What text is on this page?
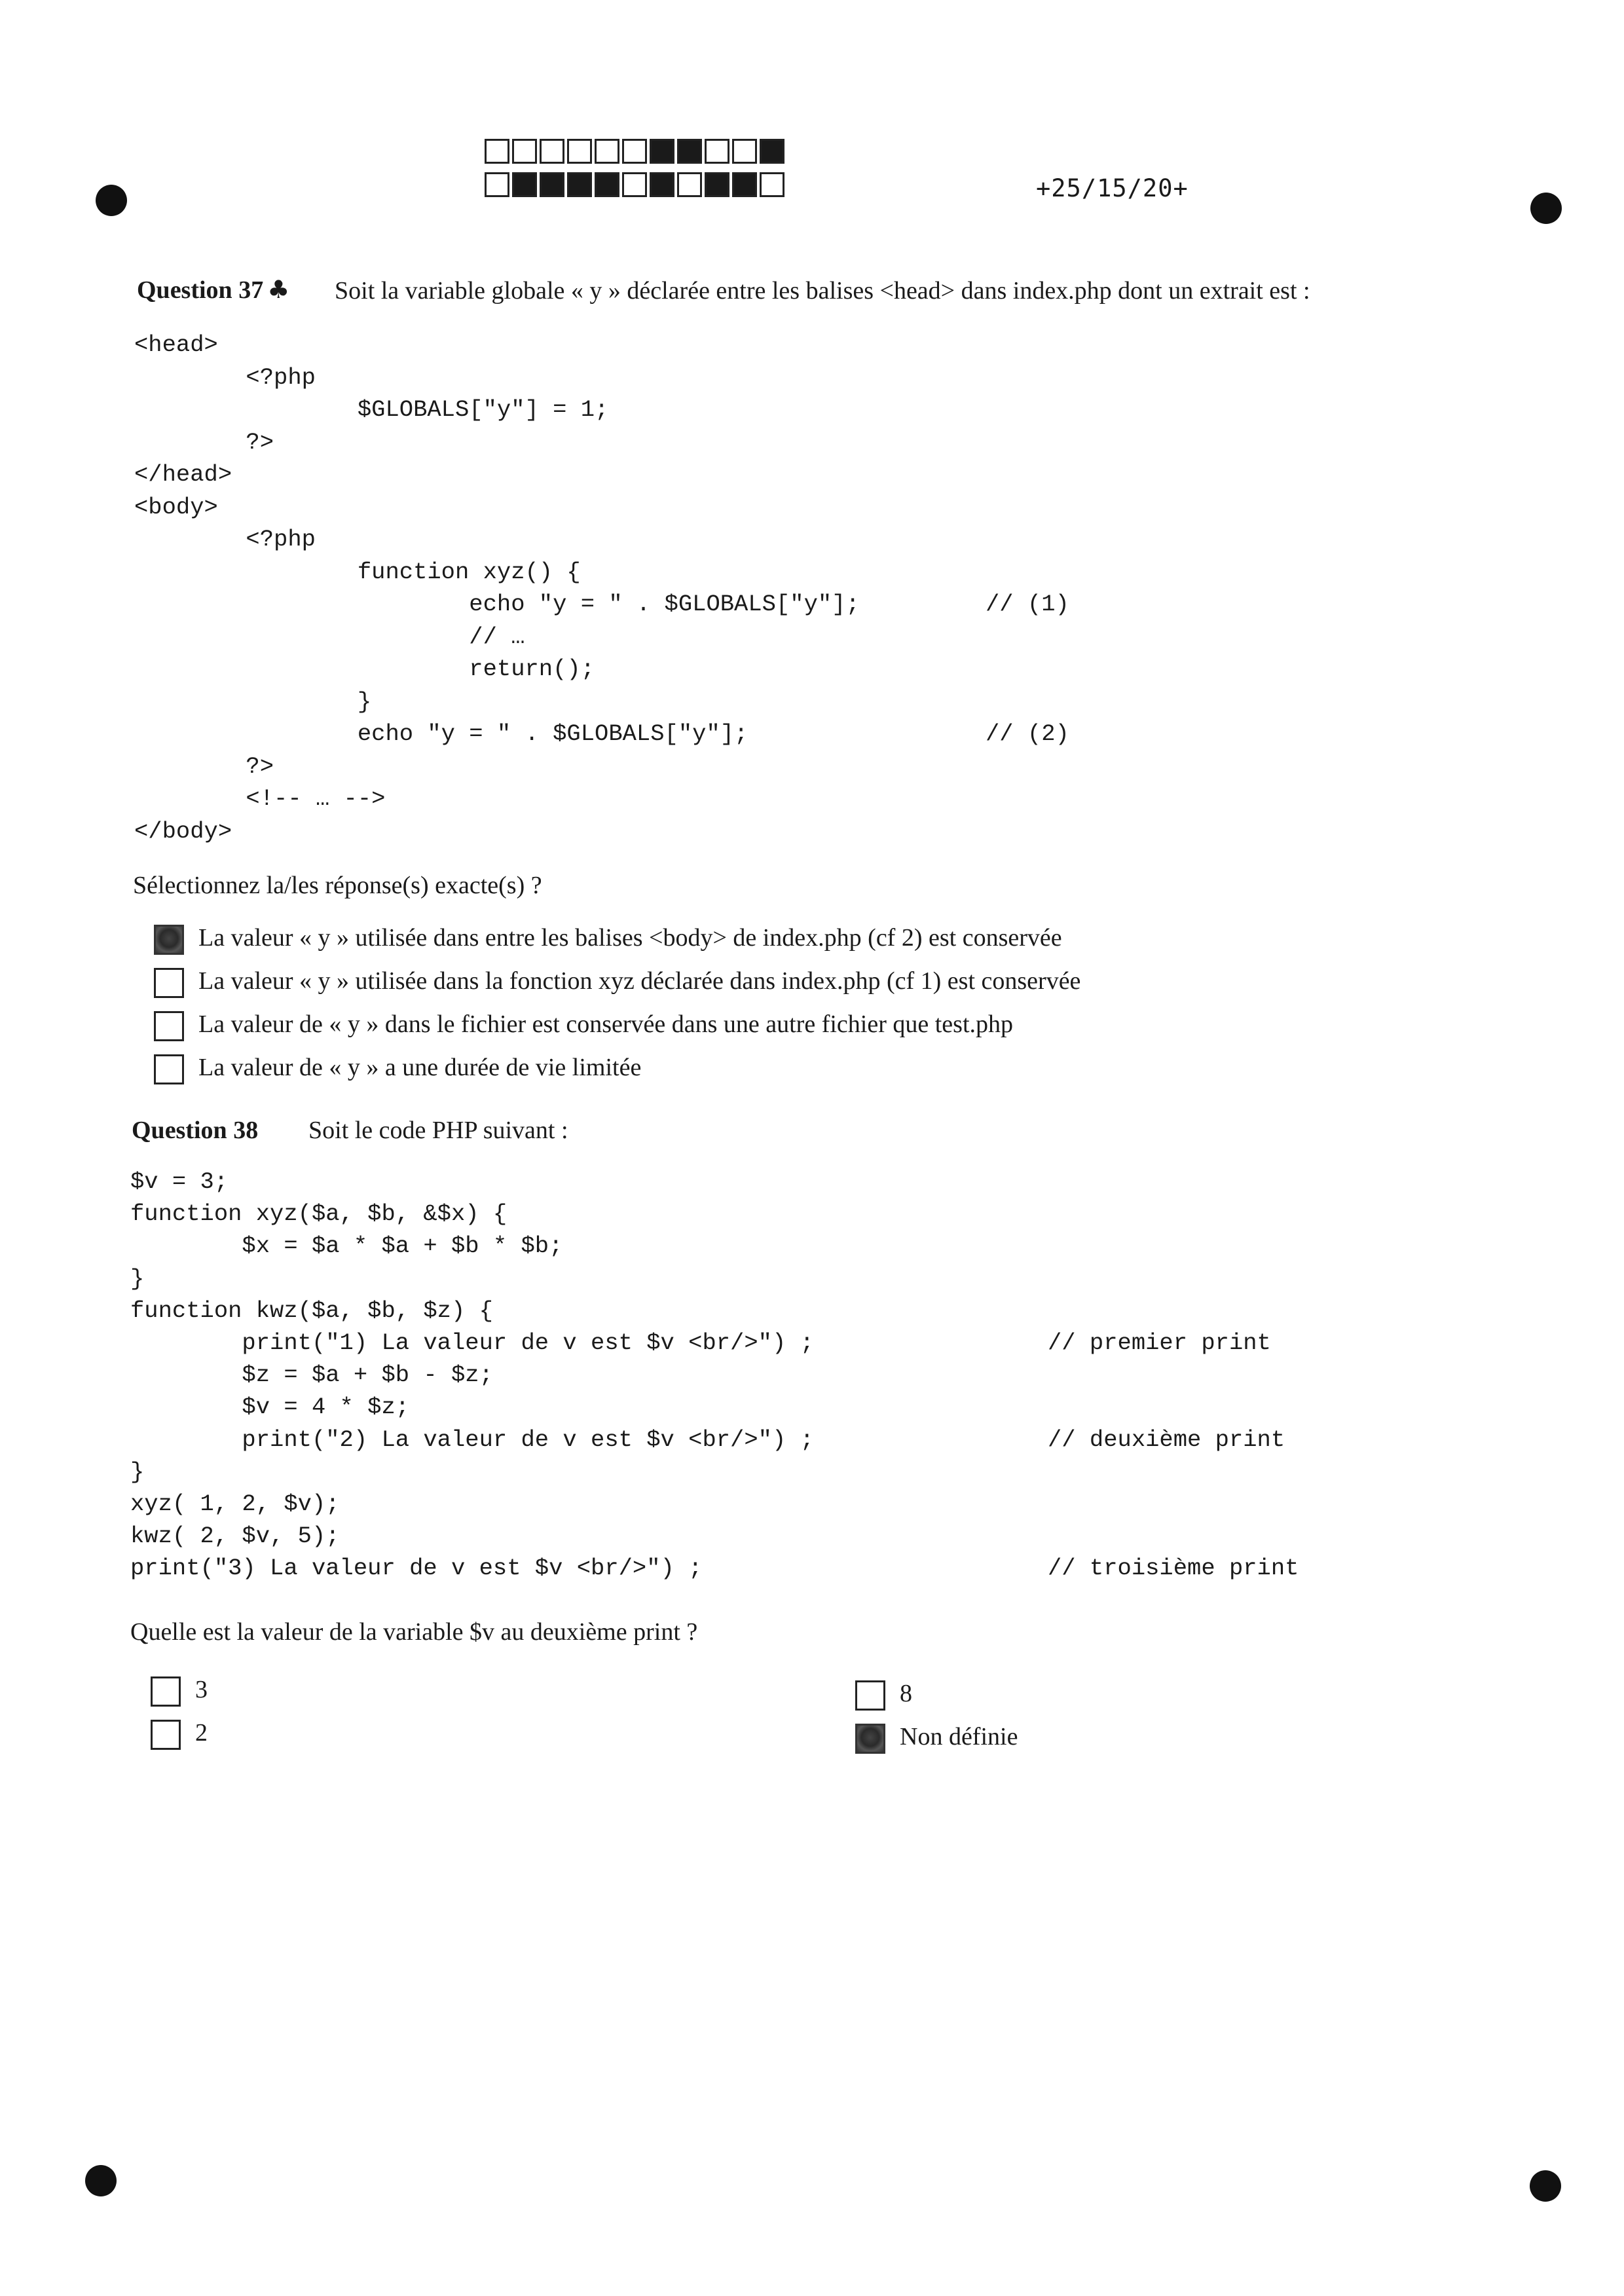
+25/15/20+
Question 37 ♣ Soit la variable globale « y » déclarée entre les balises <head> dans index.php dont un extrait est :
<head>
<?php
$GLOBALS["y"] = 1;
?>
</head>
<body>
<?php
function xyz() {
echo "y = " . $GLOBALS["y"];	// (1)
// …
return();
}
echo "y = " . $GLOBALS["y"];	// (2)
?>
<!-- … -->
</body>
Sélectionnez la/les réponse(s) exacte(s) ?
La valeur « y » utilisée dans entre les balises <body> de index.php (cf 2) est conservée
La valeur « y » utilisée dans la fonction xyz déclarée dans index.php (cf 1) est conservée
La valeur de « y » dans le fichier est conservée dans une autre fichier que test.php
La valeur de « y » a une durée de vie limitée
Question 38 Soit le code PHP suivant :
$v = 3;
function xyz($a, $b, &$x) {
$x = $a * $a + $b * $b;
}
function kwz($a, $b, $z) {
print("1) La valeur de v est $v <br/>") ;	// premier print
$z = $a + $b - $z;
$v = 4 * $z;
print("2) La valeur de v est $v <br/>") ;	// deuxième print
}
xyz( 1, 2, $v);
kwz( 2, $v, 5);
print("3) La valeur de v est $v <br/>") ;	// troisième print
Quelle est la valeur de la variable $v au deuxième print ?
3
2
8
Non définie
